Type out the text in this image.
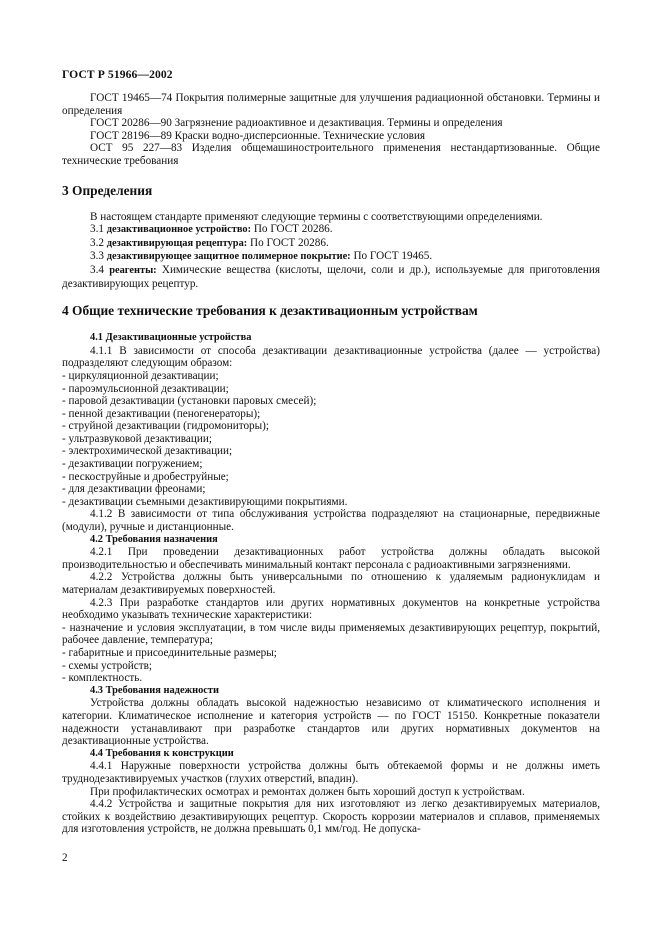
ГОСТ Р 51966—2002

ГОСТ 19465—74 Покрытия полимерные защитные для улучшения радиационной обстановки. Термины и определения

ГОСТ 20286—90 Загрязнение радиоактивное и дезактивация. Термины и определения

ГОСТ 28196—89 Краски водно-дисперсионные. Технические условия

ОСТ 95 227—83 Изделия общемашиностроительного применения нестандартизованные. Общие технические требования

3 Определения

В настоящем стандарте применяют следующие термины с соответствующими определениями.

3.1 дезактивационное устройство: По ГОСТ 20286.

3.2 дезактивирующая рецептура: По ГОСТ 20286.

3.3 дезактивирующее защитное полимерное покрытие: По ГОСТ 19465.

3.4 реагенты: Химические вещества (кислоты, щелочи, соли и др.), используемые для приготовления дезактивирующих рецептур.

4 Общие технические требования к дезактивационным устройствам

4.1 Дезактивационные устройства

4.1.1 В зависимости от способа дезактивации дезактивационные устройства (далее — устройства) подразделяют следующим образом:

- циркуляционной дезактивации;

- пароэмульсионной дезактивации;

- паровой дезактивации (установки паровых смесей);

- пенной дезактивации (пеногенераторы);

- струйной дезактивации (гидромониторы);

- ультразвуковой дезактивации;

- электрохимической дезактивации;

- дезактивации погружением;

- пескоструйные и дробеструйные;

- для дезактивации фреонами;

- дезактивации съемными дезактивирующими покрытиями.

4.1.2 В зависимости от типа обслуживания устройства подразделяют на стационарные, передвижные (модули), ручные и дистанционные.

4.2 Требования назначения

4.2.1 При проведении дезактивационных работ устройства должны обладать высокой производительностью и обеспечивать минимальный контакт персонала с радиоактивными загрязнениями.

4.2.2 Устройства должны быть универсальными по отношению к удаляемым радионуклидам и материалам дезактивируемых поверхностей.

4.2.3 При разработке стандартов или других нормативных документов на конкретные устройства необходимо указывать технические характеристики:

- назначение и условия эксплуатации, в том числе виды применяемых дезактивирующих рецептур, покрытий, рабочее давление, температура;

- габаритные и присоединительные размеры;

- схемы устройств;

- комплектность.

4.3 Требования надежности

Устройства должны обладать высокой надежностью независимо от климатического исполнения и категории. Климатическое исполнение и категория устройств — по ГОСТ 15150. Конкретные показатели надежности устанавливают при разработке стандартов или других нормативных документов на дезактивационные устройства.

4.4 Требования к конструкции

4.4.1 Наружные поверхности устройства должны быть обтекаемой формы и не должны иметь труднодезактивируемых участков (глухих отверстий, впадин).

При профилактических осмотрах и ремонтах должен быть хороший доступ к устройствам.

4.4.2 Устройства и защитные покрытия для них изготовляют из легко дезактивируемых материалов, стойких к воздействию дезактивирующих рецептур. Скорость коррозии материалов и сплавов, применяемых для изготовления устройств, не должна превышать 0,1 мм/год. Не допуска-

2
